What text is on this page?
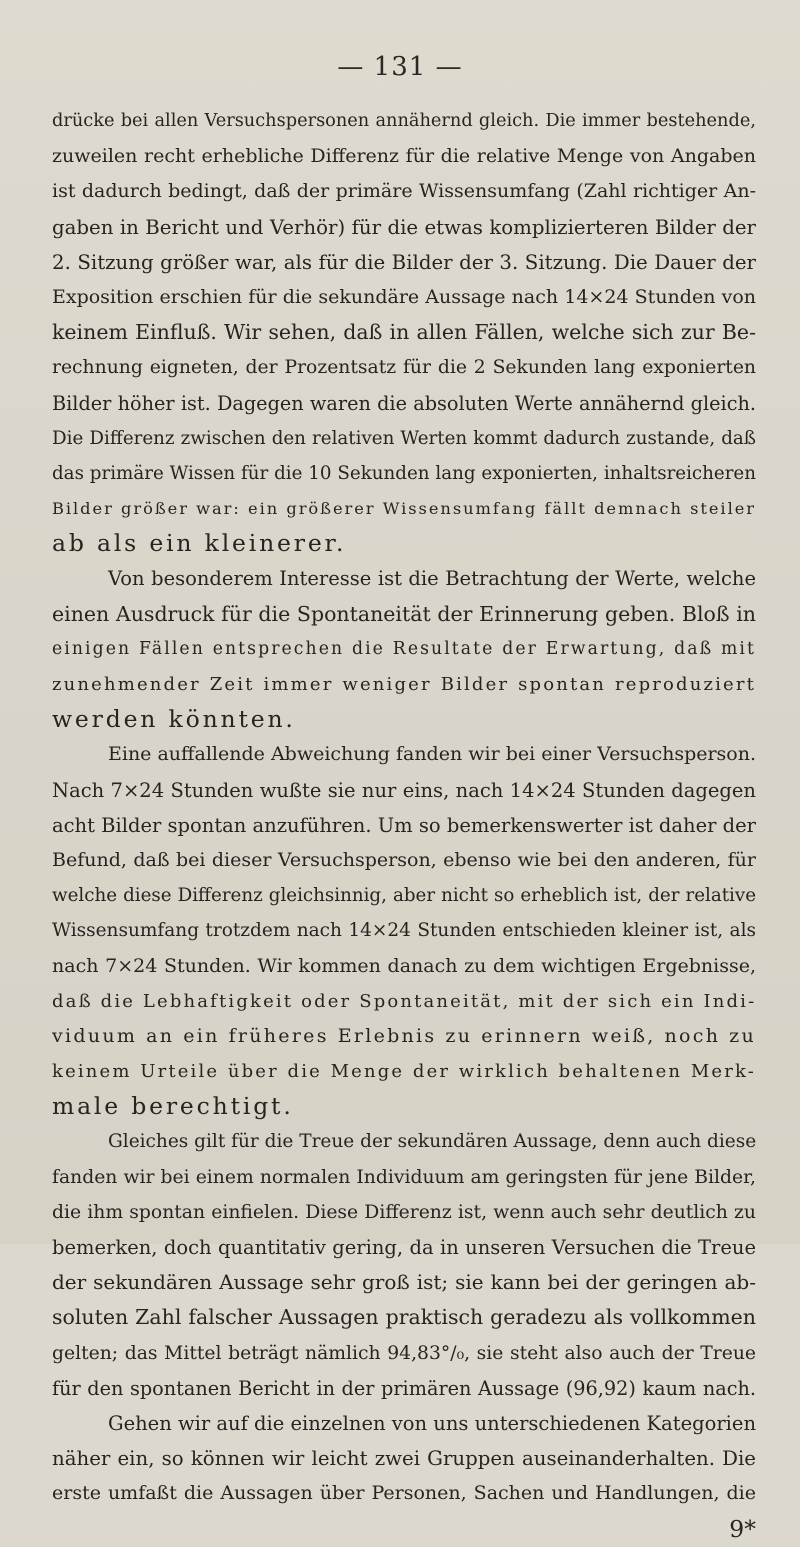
— 131 —
drücke bei allen Versuchspersonen annähernd gleich. Die immer bestehende,
zuweilen recht erhebliche Differenz für die relative Menge von Angaben
ist dadurch bedingt, daß der primäre Wissensumfang (Zahl richtiger An-
gaben in Bericht und Verhör) für die etwas komplizierteren Bilder der
2. Sitzung größer war, als für die Bilder der 3. Sitzung. Die Dauer der
Exposition erschien für die sekundäre Aussage nach 14×24 Stunden von
keinem Einfluß. Wir sehen, daß in allen Fällen, welche sich zur Be-
rechnung eigneten, der Prozentsatz für die 2 Sekunden lang exponierten
Bilder höher ist. Dagegen waren die absoluten Werte annähernd gleich.
Die Differenz zwischen den relativen Werten kommt dadurch zustande, daß
das primäre Wissen für die 10 Sekunden lang exponierten, inhaltsreicheren
Bilder größer war: ein größerer Wissensumfang fällt demnach steiler
ab als ein kleinerer.
Von besonderem Interesse ist die Betrachtung der Werte, welche
einen Ausdruck für die Spontaneität der Erinnerung geben. Bloß in
einigen Fällen entsprechen die Resultate der Erwartung, daß mit
zunehmender Zeit immer weniger Bilder spontan reproduziert
werden könnten.
Eine auffallende Abweichung fanden wir bei einer Versuchsperson.
Nach 7×24 Stunden wußte sie nur eins, nach 14×24 Stunden dagegen
acht Bilder spontan anzuführen. Um so bemerkenswerter ist daher der
Befund, daß bei dieser Versuchsperson, ebenso wie bei den anderen, für
welche diese Differenz gleichsinnig, aber nicht so erheblich ist, der relative
Wissensumfang trotzdem nach 14×24 Stunden entschieden kleiner ist, als
nach 7×24 Stunden. Wir kommen danach zu dem wichtigen Ergebnisse,
daß die Lebhaftigkeit oder Spontaneität, mit der sich ein Indi-
viduum an ein früheres Erlebnis zu erinnern weiß, noch zu
keinem Urteile über die Menge der wirklich behaltenen Merk-
male berechtigt.
Gleiches gilt für die Treue der sekundären Aussage, denn auch diese
fanden wir bei einem normalen Individuum am geringsten für jene Bilder,
die ihm spontan einfielen. Diese Differenz ist, wenn auch sehr deutlich zu
bemerken, doch quantitativ gering, da in unseren Versuchen die Treue
der sekundären Aussage sehr groß ist; sie kann bei der geringen ab-
soluten Zahl falscher Aussagen praktisch geradezu als vollkommen
gelten; das Mittel beträgt nämlich 94,83°/₀, sie steht also auch der Treue
für den spontanen Bericht in der primären Aussage (96,92) kaum nach.
Gehen wir auf die einzelnen von uns unterschiedenen Kategorien
näher ein, so können wir leicht zwei Gruppen auseinanderhalten. Die
erste umfaßt die Aussagen über Personen, Sachen und Handlungen, die
9*
